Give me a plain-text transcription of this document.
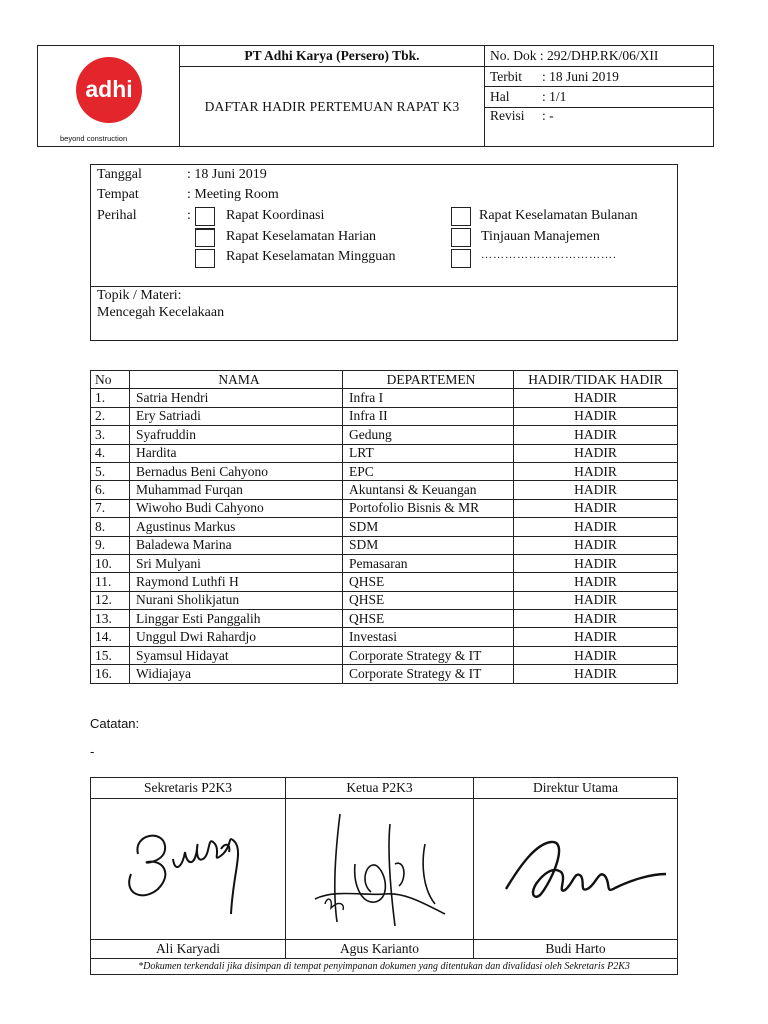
adhi
beyond construction	PT Adhi Karya (Persero) Tbk.	No. Dok : 292/DHP.RK/06/XII
	DAFTAR HADIR PERTEMUAN RAPAT K3	Terbit : 18 Juni 2019
		Hal : 1/1
		Revisi : -
Tanggal	: 18 Juni 2019
Tempat	: Meeting Room
Perihal	:	Rapat Koordinasi
Rapat Keselamatan Harian
Rapat Keselamatan Mingguan
Rapat Keselamatan Bulanan
Tinjauan Manajemen
…………………………….
Topik / Materi:
Mencegah Kecelakaan
No	NAMA	DEPARTEMEN	HADIR/TIDAK HADIR
1.	Satria Hendri	Infra I	HADIR
2.	Ery Satriadi	Infra II	HADIR
3.	Syafruddin	Gedung	HADIR
4.	Hardita	LRT	HADIR
5.	Bernadus Beni Cahyono	EPC	HADIR
6.	Muhammad Furqan	Akuntansi & Keuangan	HADIR
7.	Wiwoho Budi Cahyono	Portofolio Bisnis & MR	HADIR
8.	Agustinus Markus	SDM	HADIR
9.	Baladewa Marina	SDM	HADIR
10.	Sri Mulyani	Pemasaran	HADIR
11.	Raymond Luthfi H	QHSE	HADIR
12.	Nurani Sholikjatun	QHSE	HADIR
13.	Linggar Esti Panggalih	QHSE	HADIR
14.	Unggul Dwi Rahardjo	Investasi	HADIR
15.	Syamsul Hidayat	Corporate Strategy & IT	HADIR
16.	Widiajaya	Corporate Strategy & IT	HADIR
Catatan:
-
Sekretaris P2K3	Ketua P2K3	Direktur Utama

Ali Karyadi	Agus Karianto	Budi Harto
*Dokumen terkendali jika disimpan di tempat penyimpanan dokumen yang ditentukan dan divalidasi oleh Sekretaris P2K3		
